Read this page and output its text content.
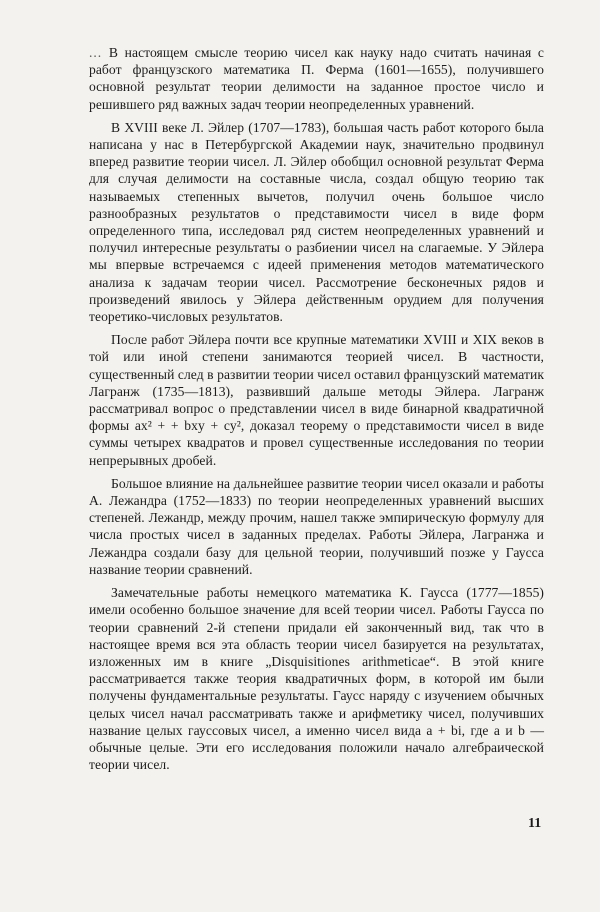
... В настоящем смысле теорию чисел как науку надо считать начиная с работ французского математика П. Ферма (1601—1655), получившего основной результат теории делимости на заданное простое число и решившего ряд важных задач теории неопределенных уравнений.

В XVIII веке Л. Эйлер (1707—1783), большая часть работ которого была написана у нас в Петербургской Академии наук, значительно продвинул вперед развитие теории чисел. Л. Эйлер обобщил основной результат Ферма для случая делимости на составные числа, создал общую теорию так называемых степенных вычетов, получил очень большое число разнообразных результатов о представимости чисел в виде форм определенного типа, исследовал ряд систем неопределенных уравнений и получил интересные результаты о разбиении чисел на слагаемые. У Эйлера мы впервые встречаемся с идеей применения методов математического анализа к задачам теории чисел. Рассмотрение бесконечных рядов и произведений явилось у Эйлера действенным орудием для получения теоретико-числовых результатов.

После работ Эйлера почти все крупные математики XVIII и XIX веков в той или иной степени занимаются теорией чисел. В частности, существенный след в развитии теории чисел оставил французский математик Лагранж (1735—1813), развивший дальше методы Эйлера. Лагранж рассматривал вопрос о представлении чисел в виде бинарной квадратичной формы ax² + + bxy + cy², доказал теорему о представимости чисел в виде суммы четырех квадратов и провел существенные исследования по теории непрерывных дробей.

Большое влияние на дальнейшее развитие теории чисел оказали и работы А. Лежандра (1752—1833) по теории неопределенных уравнений высших степеней. Лежандр, между прочим, нашел также эмпирическую формулу для числа простых чисел в заданных пределах. Работы Эйлера, Лагранжа и Лежандра создали базу для цельной теории, получивший позже у Гаусса название теории сравнений.

Замечательные работы немецкого математика К. Гаусса (1777—1855) имели особенно большое значение для всей теории чисел. Работы Гаусса по теории сравнений 2-й степени придали ей законченный вид, так что в настоящее время вся эта область теории чисел базируется на результатах, изложенных им в книге „Disquisitiones arithmeticae“. В этой книге рассматривается также теория квадратичных форм, в которой им были получены фундаментальные результаты. Гаусс наряду с изучением обычных целых чисел начал рассматривать также и арифметику чисел, получивших название целых гауссовых чисел, а именно чисел вида a + bi, где a и b — обычные целые. Эти его исследования положили начало алгебраической теории чисел.

11
